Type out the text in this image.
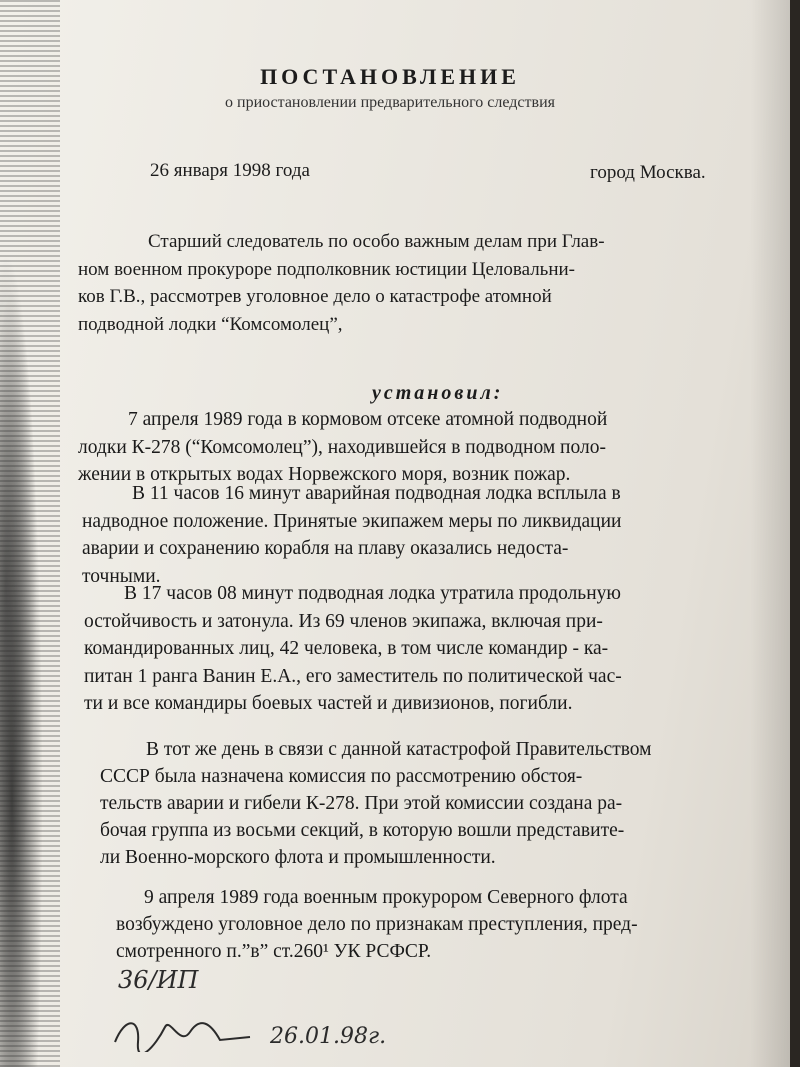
ПОСТАНОВЛЕНИЕ
о приостановлении предварительного следствия
26 января 1998 года	город Москва.
Старший следователь по особо важным делам при Глав-
ном военном прокуроре подполковник юстиции Целовальни-
ков Г.В., рассмотрев уголовное дело о катастрофе атомной
подводной лодки “Комсомолец”,
установил:
7 апреля 1989 года в кормовом отсеке атомной подводной
лодки К-278 (“Комсомолец”), находившейся в подводном поло-
жении в открытых водах Норвежского моря, возник пожар.
В 11 часов 16 минут аварийная подводная лодка всплыла в
надводное положение. Принятые экипажем меры по ликвидации
аварии и сохранению корабля на плаву оказались недоста-
точными.
В 17 часов 08 минут подводная лодка утратила продольную
остойчивость и затонула. Из 69 членов экипажа, включая при-
командированных лиц, 42 человека, в том числе командир - ка-
питан 1 ранга Ванин Е.А., его заместитель по политической час-
ти и все командиры боевых частей и дивизионов, погибли.
В тот же день в связи с данной катастрофой Правительством
СССР была назначена комиссия по рассмотрению обстоя-
тельств аварии и гибели К-278. При этой комиссии создана ра-
бочая группа из восьми секций, в которую вошли представите-
ли Военно-морского флота и промышленности.
9 апреля 1989 года военным прокурором Северного флота
возбуждено уголовное дело по признакам преступления, пред-
смотренного п.”в” ст.260¹ УК РСФСР.
36/ИП
26.01.98г.
